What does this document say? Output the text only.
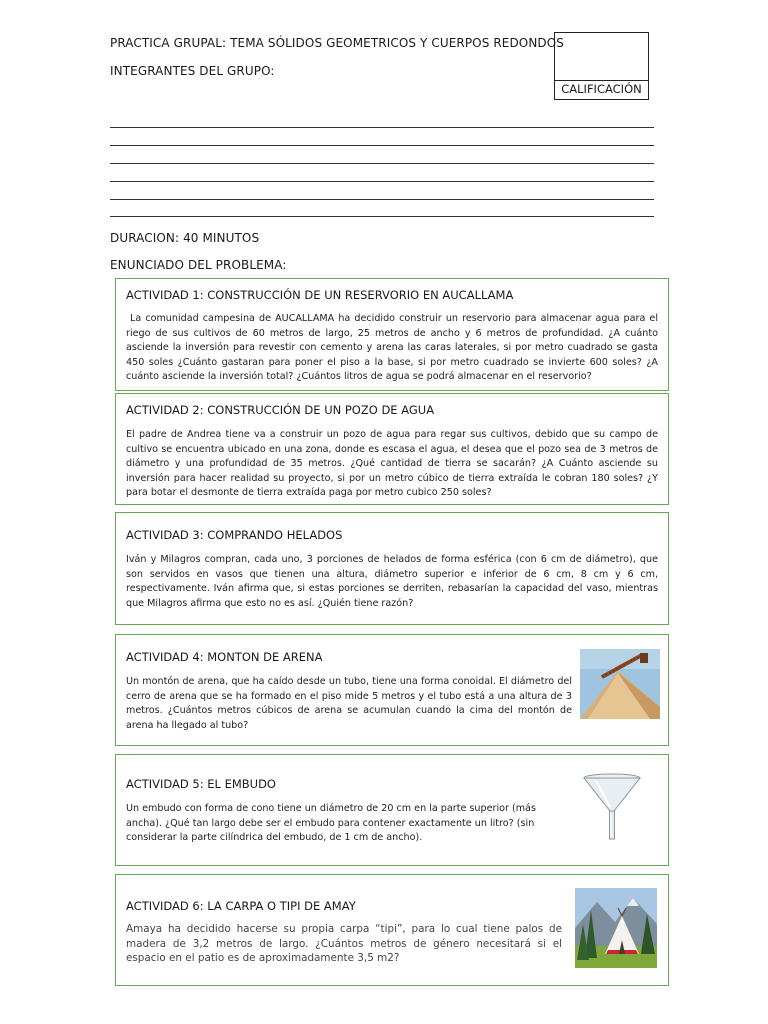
PRACTICA GRUPAL: TEMA SÓLIDOS GEOMETRICOS Y CUERPOS REDONDOS
INTEGRANTES DEL GRUPO:
CALIFICACIÓN
DURACION: 40 MINUTOS
ENUNCIADO DEL PROBLEMA:
ACTIVIDAD 1: CONSTRUCCIÓN DE UN RESERVORIO EN AUCALLAMA
La comunidad campesina de AUCALLAMA ha decidido construir un reservorio para almacenar agua para el riego de sus cultivos de 60 metros de largo, 25 metros de ancho y 6 metros de profundidad. ¿A cuánto asciende la inversión para revestir con cemento y arena las caras laterales, si por metro cuadrado se gasta 450 soles ¿Cuánto gastaran para poner el piso a la base, si por metro cuadrado se invierte 600 soles? ¿A cuánto asciende la inversión total? ¿Cuántos litros de agua se podrá almacenar en el reservorio?
ACTIVIDAD 2: CONSTRUCCIÓN DE UN POZO DE AGUA
El padre de Andrea tiene va a construir un pozo de agua para regar sus cultivos, debido que su campo de cultivo se encuentra ubicado en una zona, donde es escasa el agua, el desea que el pozo sea de 3 metros de diámetro y una profundidad de 35 metros. ¿Qué cantidad de tierra se sacarán? ¿A Cuánto asciende su inversión para hacer realidad su proyecto, si por un metro cúbico de tierra extraída le cobran 180 soles? ¿Y para botar el desmonte de tierra extraída paga por metro cubico 250 soles?
ACTIVIDAD 3: COMPRANDO HELADOS
Iván y Milagros compran, cada uno, 3 porciones de helados de forma esférica (con 6 cm de diámetro), que son servidos en vasos que tienen una altura, diámetro superior e inferior de 6 cm, 8 cm y 6 cm, respectivamente. Iván afirma que, si estas porciones se derriten, rebasarían la capacidad del vaso, mientras que Milagros afirma que esto no es así. ¿Quién tiene razón?
ACTIVIDAD 4: MONTON DE ARENA
Un montón de arena, que ha caído desde un tubo, tiene una forma conoidal. El diámetro del cerro de arena que se ha formado en el piso mide 5 metros y el tubo está a una altura de 3 metros. ¿Cuántos metros cúbicos de arena se acumulan cuando la cima del montón de arena ha llegado al tubo?
ACTIVIDAD 5: EL EMBUDO
Un embudo con forma de cono tiene un diámetro de 20 cm en la parte superior (más ancha). ¿Qué tan largo debe ser el embudo para contener exactamente un litro? (sin considerar la parte cilíndrica del embudo, de 1 cm de ancho).
ACTIVIDAD 6: LA CARPA O TIPI DE AMAY
Amaya ha decidido hacerse su propia carpa “tipi”, para lo cual tiene palos de madera de 3,2 metros de largo. ¿Cuántos metros de género necesitará si el espacio en el patio es de aproximadamente 3,5 m2?
